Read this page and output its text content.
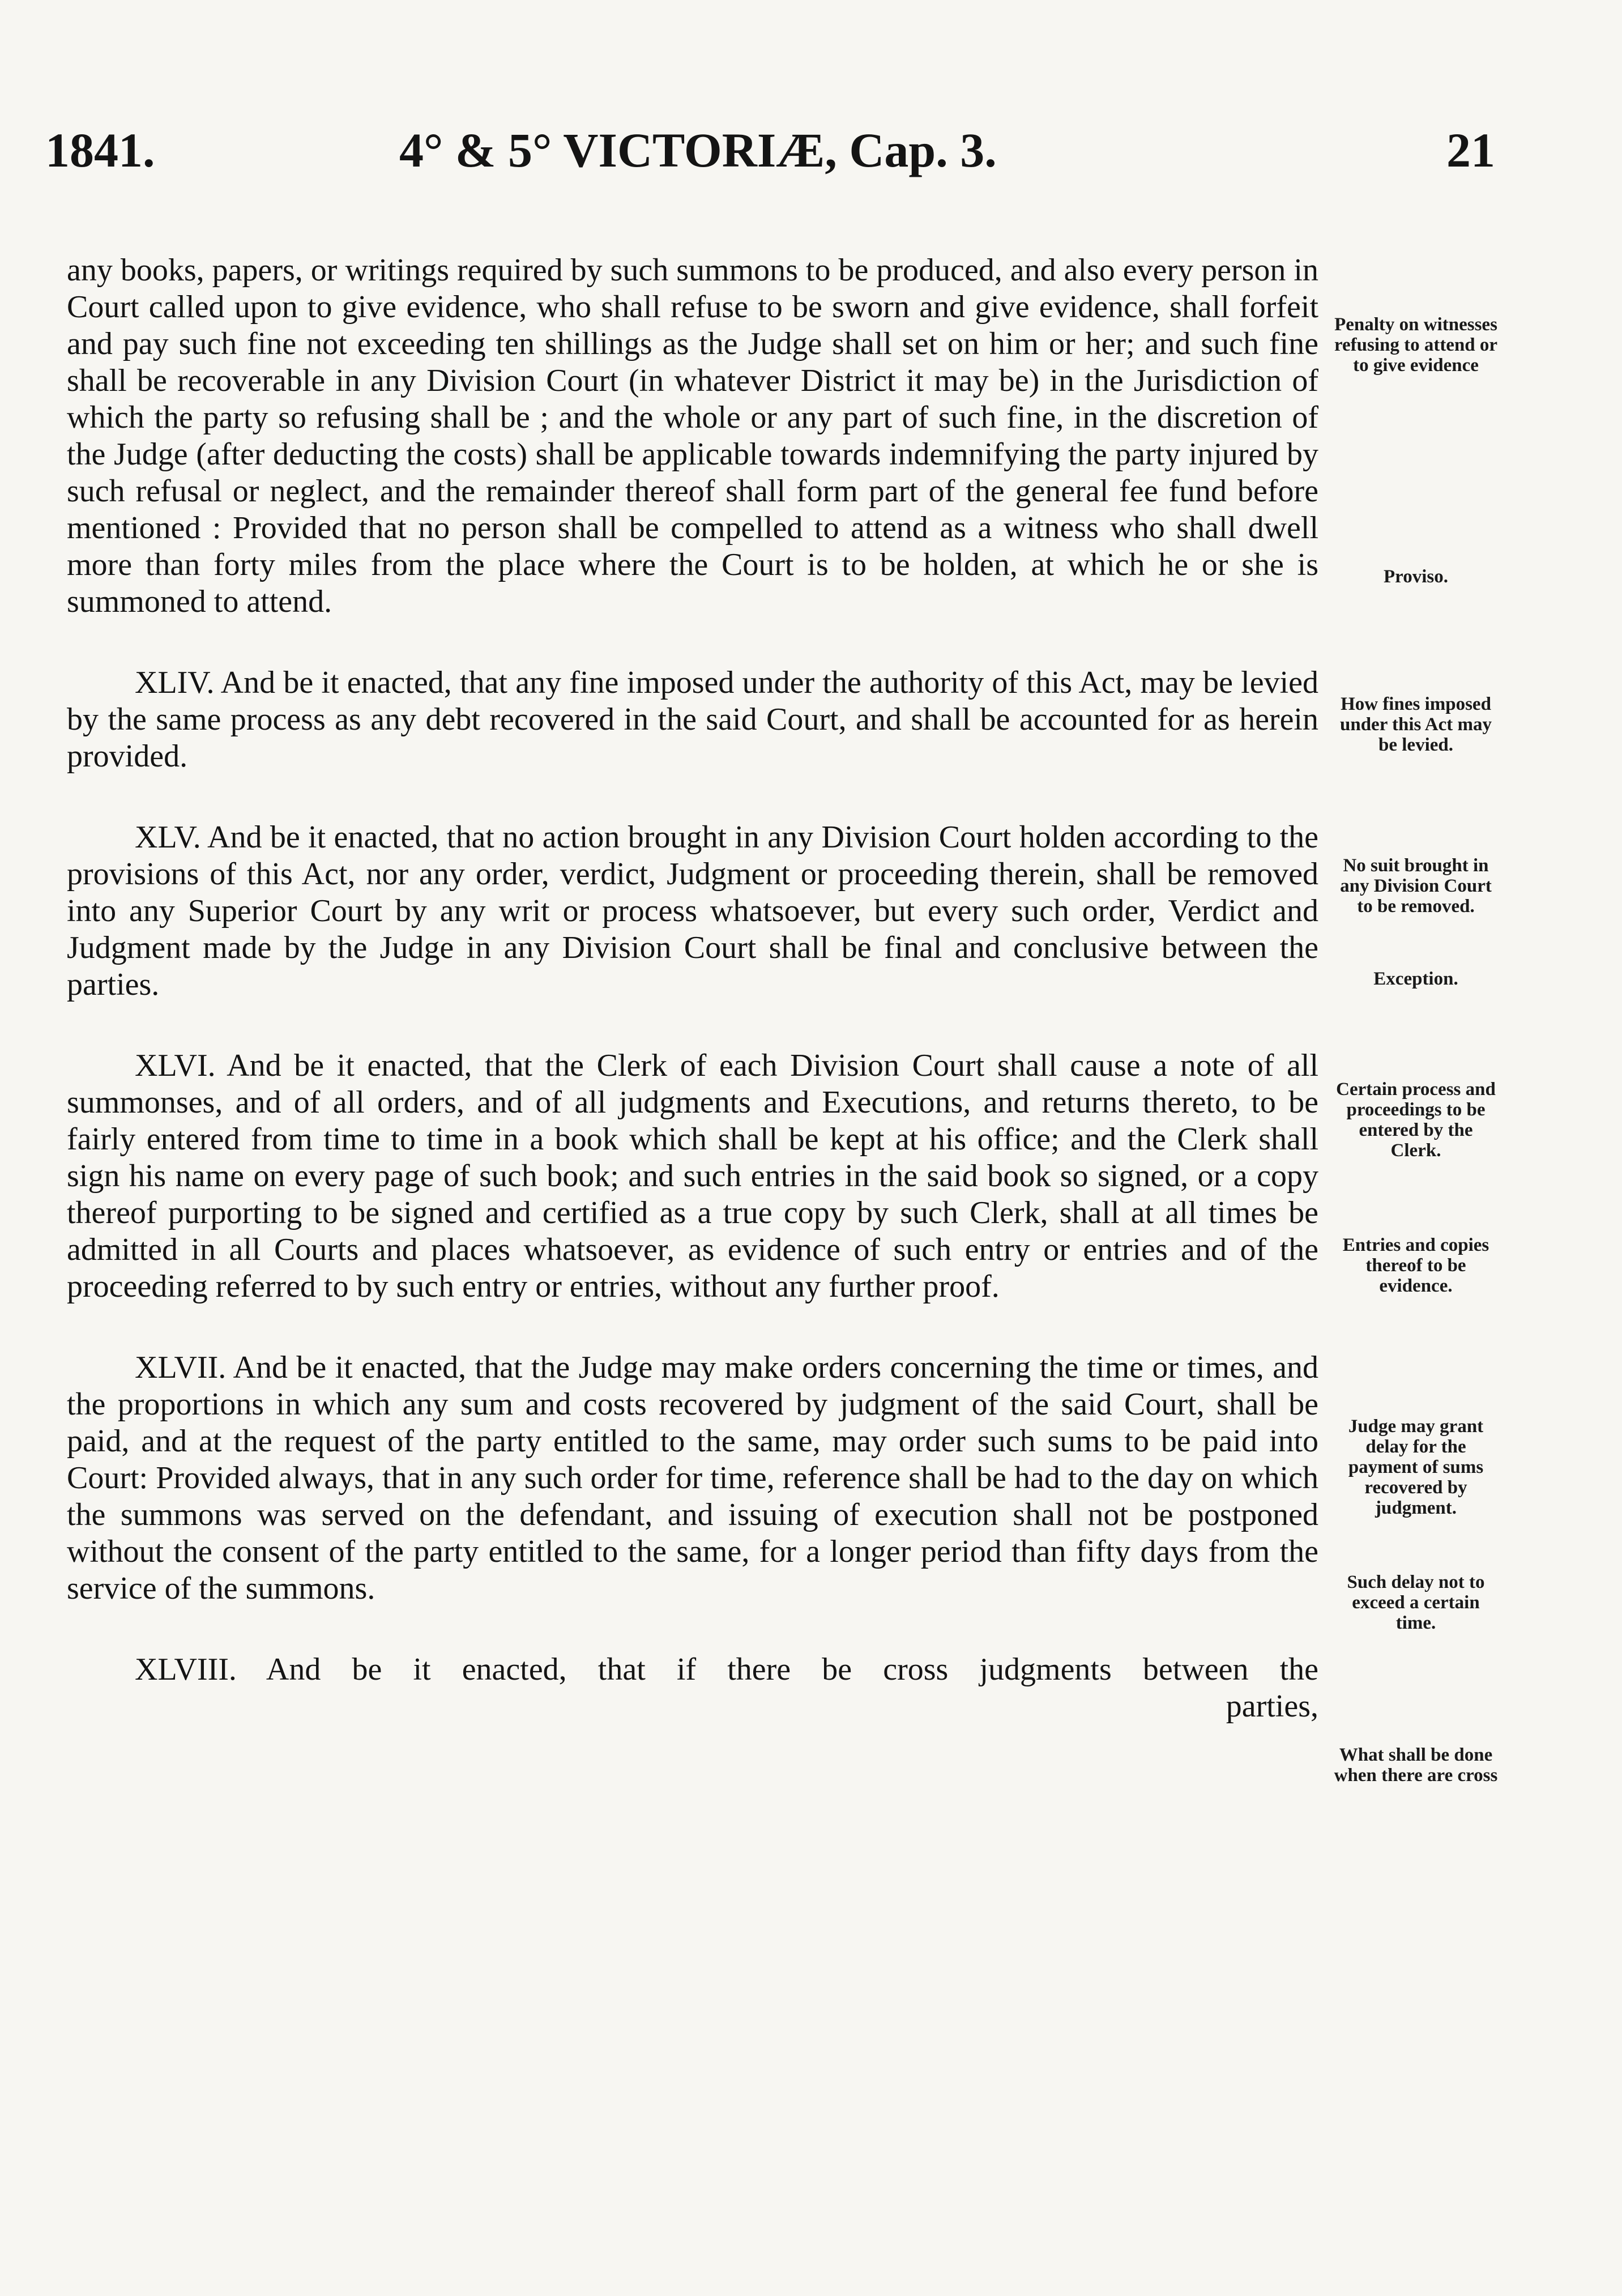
1841.	4° & 5° VICTORIÆ, Cap. 3.	21

any books, papers, or writings required by such summons to be produced, and also every person in Court called upon to give evidence, who shall refuse to be sworn and give evidence, shall forfeit and pay such fine not exceeding ten shillings as the Judge shall set on him or her; and such fine shall be recoverable in any Division Court (in whatever District it may be) in the Jurisdiction of which the party so refusing shall be ; and the whole or any part of such fine, in the discretion of the Judge (after deducting the costs) shall be applicable towards indemnifying the party injured by such refusal or neglect, and the remainder thereof shall form part of the general fee fund before mentioned : Provided that no person shall be compelled to attend as a witness who shall dwell more than forty miles from the place where the Court is to be holden, at which he or she is summoned to attend.

XLIV. And be it enacted, that any fine imposed under the authority of this Act, may be levied by the same process as any debt recovered in the said Court, and shall be accounted for as herein provided.

XLV. And be it enacted, that no action brought in any Division Court holden according to the provisions of this Act, nor any order, verdict, Judgment or proceeding therein, shall be removed into any Superior Court by any writ or process whatsoever, but every such order, Verdict and Judgment made by the Judge in any Division Court shall be final and conclusive between the parties.

XLVI. And be it enacted, that the Clerk of each Division Court shall cause a note of all summonses, and of all orders, and of all judgments and Executions, and returns thereto, to be fairly entered from time to time in a book which shall be kept at his office; and the Clerk shall sign his name on every page of such book; and such entries in the said book so signed, or a copy thereof purporting to be signed and certified as a true copy by such Clerk, shall at all times be admitted in all Courts and places whatsoever, as evidence of such entry or entries and of the proceeding referred to by such entry or entries, without any further proof.

XLVII. And be it enacted, that the Judge may make orders concerning the time or times, and the proportions in which any sum and costs recovered by judgment of the said Court, shall be paid, and at the request of the party entitled to the same, may order such sums to be paid into Court: Provided always, that in any such order for time, reference shall be had to the day on which the summons was served on the defendant, and issuing of execution shall not be postponed without the consent of the party entitled to the same, for a longer period than fifty days from the service of the summons.

XLVIII. And be it enacted, that if there be cross judgments between the
parties,

Penalty on witnesses refusing to attend or to give evidence
Proviso.
How fines imposed under this Act may be levied.
No suit brought in any Division Court to be removed.
Exception.
Certain process and proceedings to be entered by the Clerk.
Entries and copies thereof to be evidence.
Judge may grant delay for the payment of sums recovered by judgment.
Such delay not to exceed a certain time.
What shall be done when there are cross
